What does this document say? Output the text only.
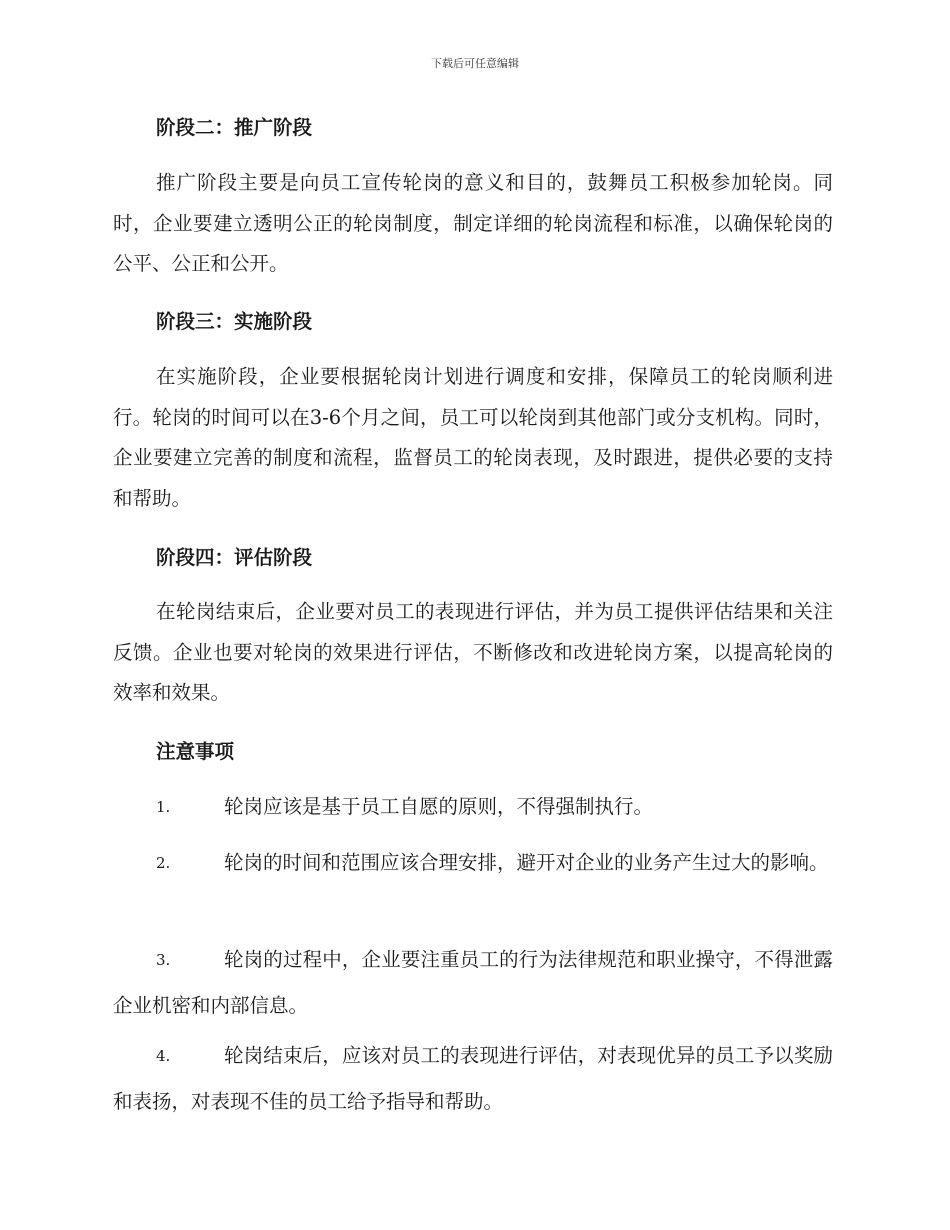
下载后可任意编辑
阶段二：推广阶段
推广阶段主要是向员工宣传轮岗的意义和目的，鼓舞员工积极参加轮岗。同时，企业要建立透明公正的轮岗制度，制定详细的轮岗流程和标准，以确保轮岗的公平、公正和公开。
阶段三：实施阶段
在实施阶段，企业要根据轮岗计划进行调度和安排，保障员工的轮岗顺利进行。轮岗的时间可以在3-6个月之间，员工可以轮岗到其他部门或分支机构。同时，企业要建立完善的制度和流程，监督员工的轮岗表现，及时跟进，提供必要的支持和帮助。
阶段四：评估阶段
在轮岗结束后，企业要对员工的表现进行评估，并为员工提供评估结果和关注反馈。企业也要对轮岗的效果进行评估，不断修改和改进轮岗方案，以提高轮岗的效率和效果。
注意事项
1.	轮岗应该是基于员工自愿的原则，不得强制执行。
2.	轮岗的时间和范围应该合理安排，避开对企业的业务产生过大的影响。
3.	轮岗的过程中，企业要注重员工的行为法律规范和职业操守，不得泄露企业机密和内部信息。
4.	轮岗结束后，应该对员工的表现进行评估，对表现优异的员工予以奖励和表扬，对表现不佳的员工给予指导和帮助。
